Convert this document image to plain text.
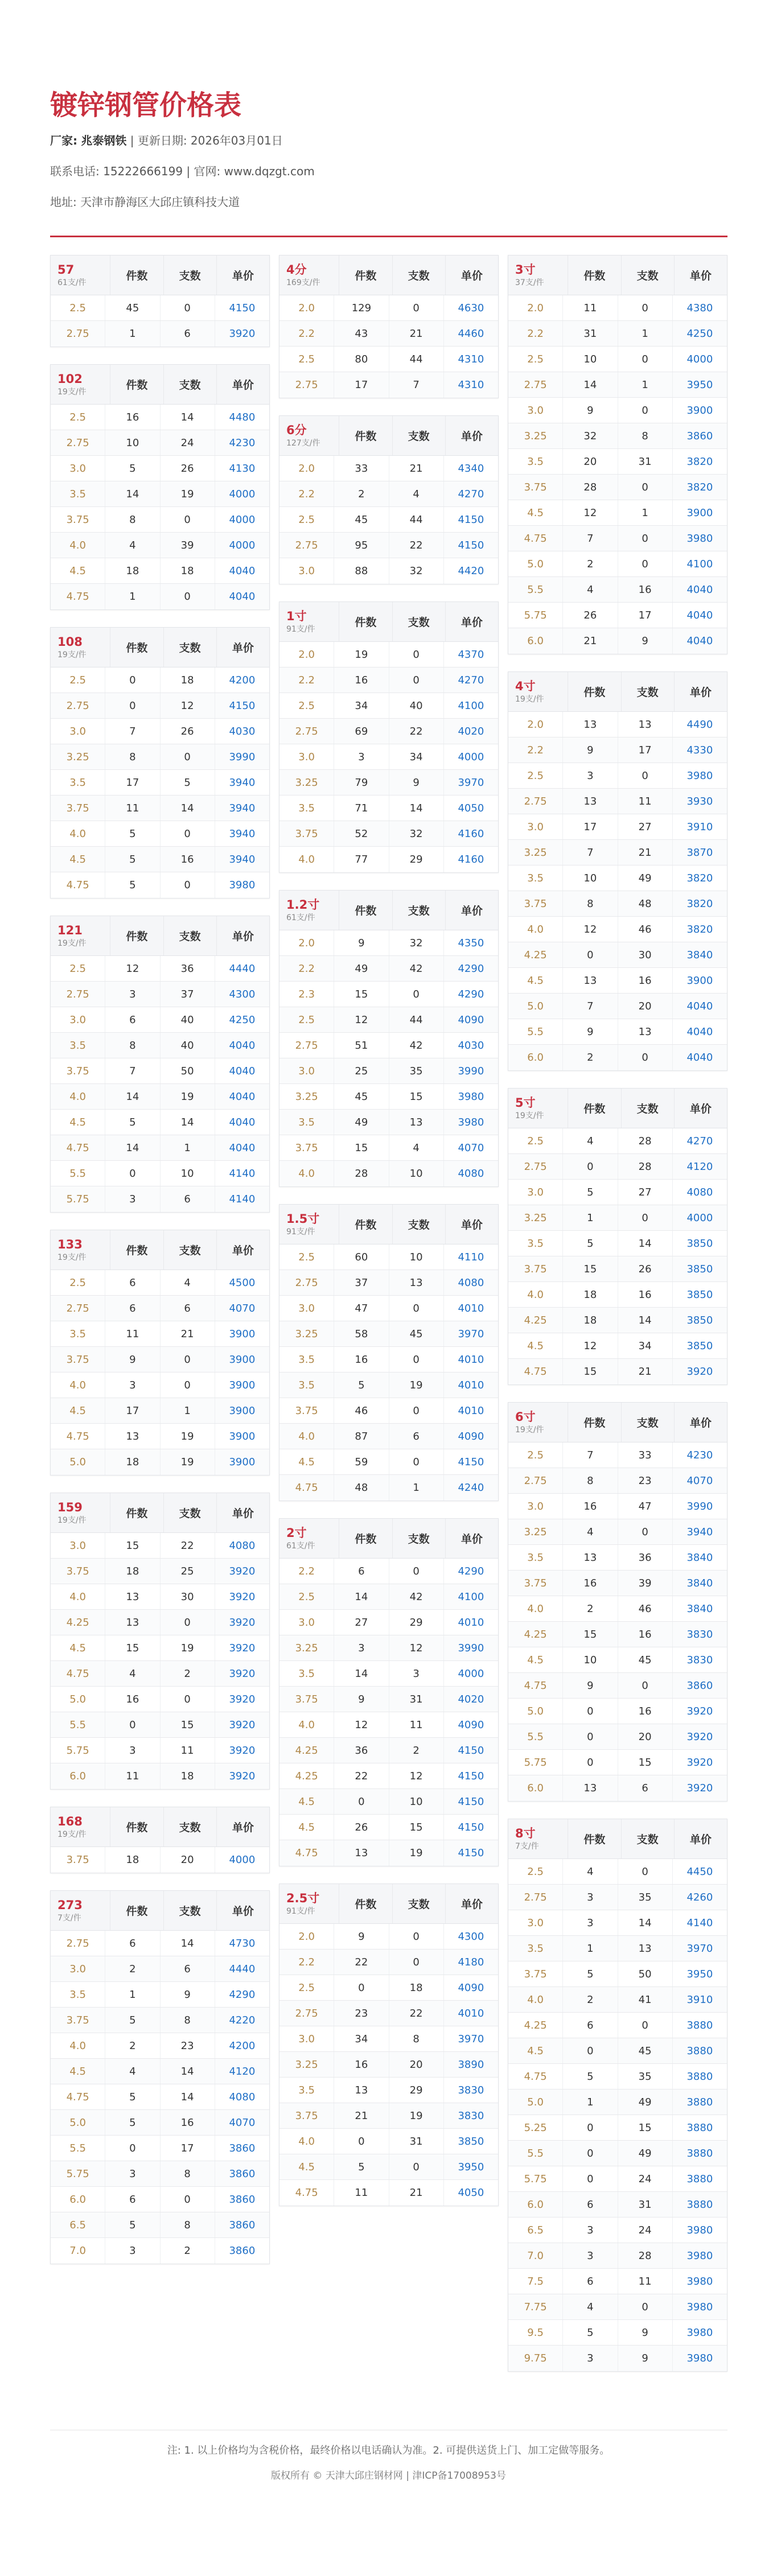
镀锌钢管价格表
厂家: 兆泰钢铁 | 更新日期: 2026年03月01日
联系电话: 15222666199 | 官网: www.dqzgt.com
地址: 天津市静海区大邱庄镇科技大道
57
61支/件
件数	支数	单价
2.5	45	0	4150
2.75	1	6	3920
102
19支/件
件数	支数	单价
2.5	16	14	4480
2.75	10	24	4230
3.0	5	26	4130
3.5	14	19	4000
3.75	8	0	4000
4.0	4	39	4000
4.5	18	18	4040
4.75	1	0	4040
108
19支/件
件数	支数	单价
2.5	0	18	4200
2.75	0	12	4150
3.0	7	26	4030
3.25	8	0	3990
3.5	17	5	3940
3.75	11	14	3940
4.0	5	0	3940
4.5	5	16	3940
4.75	5	0	3980
121
19支/件
件数	支数	单价
2.5	12	36	4440
2.75	3	37	4300
3.0	6	40	4250
3.5	8	40	4040
3.75	7	50	4040
4.0	14	19	4040
4.5	5	14	4040
4.75	14	1	4040
5.5	0	10	4140
5.75	3	6	4140
133
19支/件
件数	支数	单价
2.5	6	4	4500
2.75	6	6	4070
3.5	11	21	3900
3.75	9	0	3900
4.0	3	0	3900
4.5	17	1	3900
4.75	13	19	3900
5.0	18	19	3900
159
19支/件
件数	支数	单价
3.0	15	22	4080
3.75	18	25	3920
4.0	13	30	3920
4.25	13	0	3920
4.5	15	19	3920
4.75	4	2	3920
5.0	16	0	3920
5.5	0	15	3920
5.75	3	11	3920
6.0	11	18	3920
168
19支/件
件数	支数	单价
3.75	18	20	4000
273
7支/件
件数	支数	单价
2.75	6	14	4730
3.0	2	6	4440
3.5	1	9	4290
3.75	5	8	4220
4.0	2	23	4200
4.5	4	14	4120
4.75	5	14	4080
5.0	5	16	4070
5.5	0	17	3860
5.75	3	8	3860
6.0	6	0	3860
6.5	5	8	3860
7.0	3	2	3860
4分
169支/件
件数	支数	单价
2.0	129	0	4630
2.2	43	21	4460
2.5	80	44	4310
2.75	17	7	4310
6分
127支/件
件数	支数	单价
2.0	33	21	4340
2.2	2	4	4270
2.5	45	44	4150
2.75	95	22	4150
3.0	88	32	4420
1寸
91支/件
件数	支数	单价
2.0	19	0	4370
2.2	16	0	4270
2.5	34	40	4100
2.75	69	22	4020
3.0	3	34	4000
3.25	79	9	3970
3.5	71	14	4050
3.75	52	32	4160
4.0	77	29	4160
1.2寸
61支/件
件数	支数	单价
2.0	9	32	4350
2.2	49	42	4290
2.3	15	0	4290
2.5	12	44	4090
2.75	51	42	4030
3.0	25	35	3990
3.25	45	15	3980
3.5	49	13	3980
3.75	15	4	4070
4.0	28	10	4080
1.5寸
91支/件
件数	支数	单价
2.5	60	10	4110
2.75	37	13	4080
3.0	47	0	4010
3.25	58	45	3970
3.5	16	0	4010
3.5	5	19	4010
3.75	46	0	4010
4.0	87	6	4090
4.5	59	0	4150
4.75	48	1	4240
2寸
61支/件
件数	支数	单价
2.2	6	0	4290
2.5	14	42	4100
3.0	27	29	4010
3.25	3	12	3990
3.5	14	3	4000
3.75	9	31	4020
4.0	12	11	4090
4.25	36	2	4150
4.25	22	12	4150
4.5	0	10	4150
4.5	26	15	4150
4.75	13	19	4150
2.5寸
91支/件
件数	支数	单价
2.0	9	0	4300
2.2	22	0	4180
2.5	0	18	4090
2.75	23	22	4010
3.0	34	8	3970
3.25	16	20	3890
3.5	13	29	3830
3.75	21	19	3830
4.0	0	31	3850
4.5	5	0	3950
4.75	11	21	4050
3寸
37支/件
件数	支数	单价
2.0	11	0	4380
2.2	31	1	4250
2.5	10	0	4000
2.75	14	1	3950
3.0	9	0	3900
3.25	32	8	3860
3.5	20	31	3820
3.75	28	0	3820
4.5	12	1	3900
4.75	7	0	3980
5.0	2	0	4100
5.5	4	16	4040
5.75	26	17	4040
6.0	21	9	4040
4寸
19支/件
件数	支数	单价
2.0	13	13	4490
2.2	9	17	4330
2.5	3	0	3980
2.75	13	11	3930
3.0	17	27	3910
3.25	7	21	3870
3.5	10	49	3820
3.75	8	48	3820
4.0	12	46	3820
4.25	0	30	3840
4.5	13	16	3900
5.0	7	20	4040
5.5	9	13	4040
6.0	2	0	4040
5寸
19支/件
件数	支数	单价
2.5	4	28	4270
2.75	0	28	4120
3.0	5	27	4080
3.25	1	0	4000
3.5	5	14	3850
3.75	15	26	3850
4.0	18	16	3850
4.25	18	14	3850
4.5	12	34	3850
4.75	15	21	3920
6寸
19支/件
件数	支数	单价
2.5	7	33	4230
2.75	8	23	4070
3.0	16	47	3990
3.25	4	0	3940
3.5	13	36	3840
3.75	16	39	3840
4.0	2	46	3840
4.25	15	16	3830
4.5	10	45	3830
4.75	9	0	3860
5.0	0	16	3920
5.5	0	20	3920
5.75	0	15	3920
6.0	13	6	3920
8寸
7支/件
件数	支数	单价
2.5	4	0	4450
2.75	3	35	4260
3.0	3	14	4140
3.5	1	13	3970
3.75	5	50	3950
4.0	2	41	3910
4.25	6	0	3880
4.5	0	45	3880
4.75	5	35	3880
5.0	1	49	3880
5.25	0	15	3880
5.5	0	49	3880
5.75	0	24	3880
6.0	6	31	3880
6.5	3	24	3980
7.0	3	28	3980
7.5	6	11	3980
7.75	4	0	3980
9.5	5	9	3980
9.75	3	9	3980
注: 1. 以上价格均为含税价格，最终价格以电话确认为准。2. 可提供送货上门、加工定做等服务。
版权所有 © 天津大邱庄钢材网 | 津ICP备17008953号
